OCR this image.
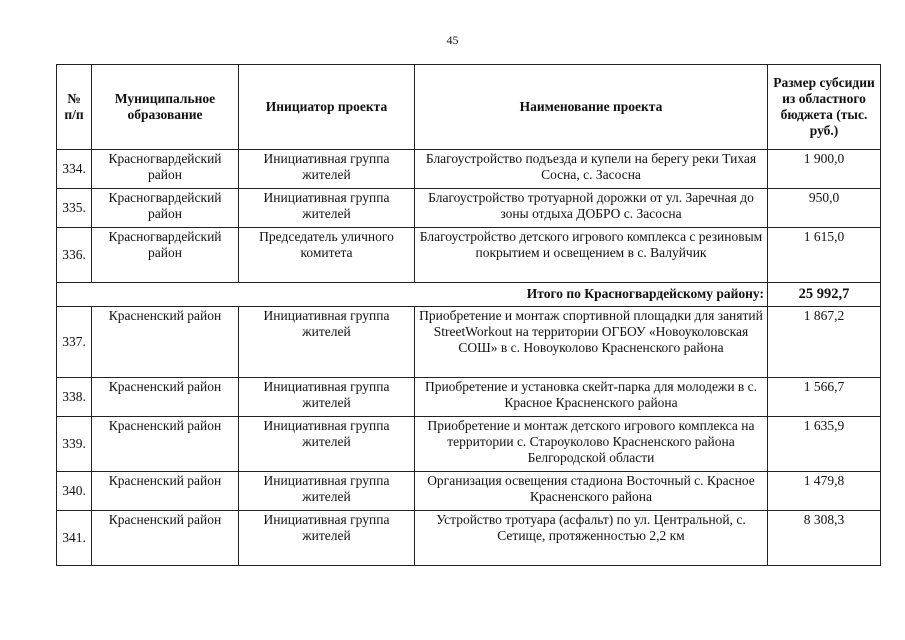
45
№ п/п	Муниципальное образование	Инициатор проекта	Наименование проекта	Размер субсидии из областного бюджета (тыс. руб.)
334.	Красногвардейский район	Инициативная группа жителей	Благоустройство подъезда и купели на берегу реки Тихая Сосна, с. Засосна	1 900,0
335.	Красногвардейский район	Инициативная группа жителей	Благоустройство тротуарной дорожки от ул. Заречная до зоны отдыха ДОБРО с. Засосна	950,0
336.	Красногвардейский район	Председатель уличного комитета	Благоустройство детского игрового комплекса с резиновым покрытием и освещением в с. Валуйчик	1 615,0
Итого по Красногвардейскому району:				25 992,7
337.	Красненский район	Инициативная группа жителей	Приобретение и монтаж спортивной площадки для занятий StreetWorkout на территории ОГБОУ «Новоуколовская СОШ» в с. Новоуколово Красненского района	1 867,2
338.	Красненский район	Инициативная группа жителей	Приобретение и установка скейт-парка для молодежи в с. Красное Красненского района	1 566,7
339.	Красненский район	Инициативная группа жителей	Приобретение и монтаж детского игрового комплекса на территории с. Староуколово Красненского района Белгородской области	1 635,9
340.	Красненский район	Инициативная группа жителей	Организация освещения стадиона Восточный с. Красное Красненского района	1 479,8
341.	Красненский район	Инициативная группа жителей	Устройство тротуара (асфальт) по ул. Центральной, с. Сетище, протяженностью 2,2 км	8 308,3
